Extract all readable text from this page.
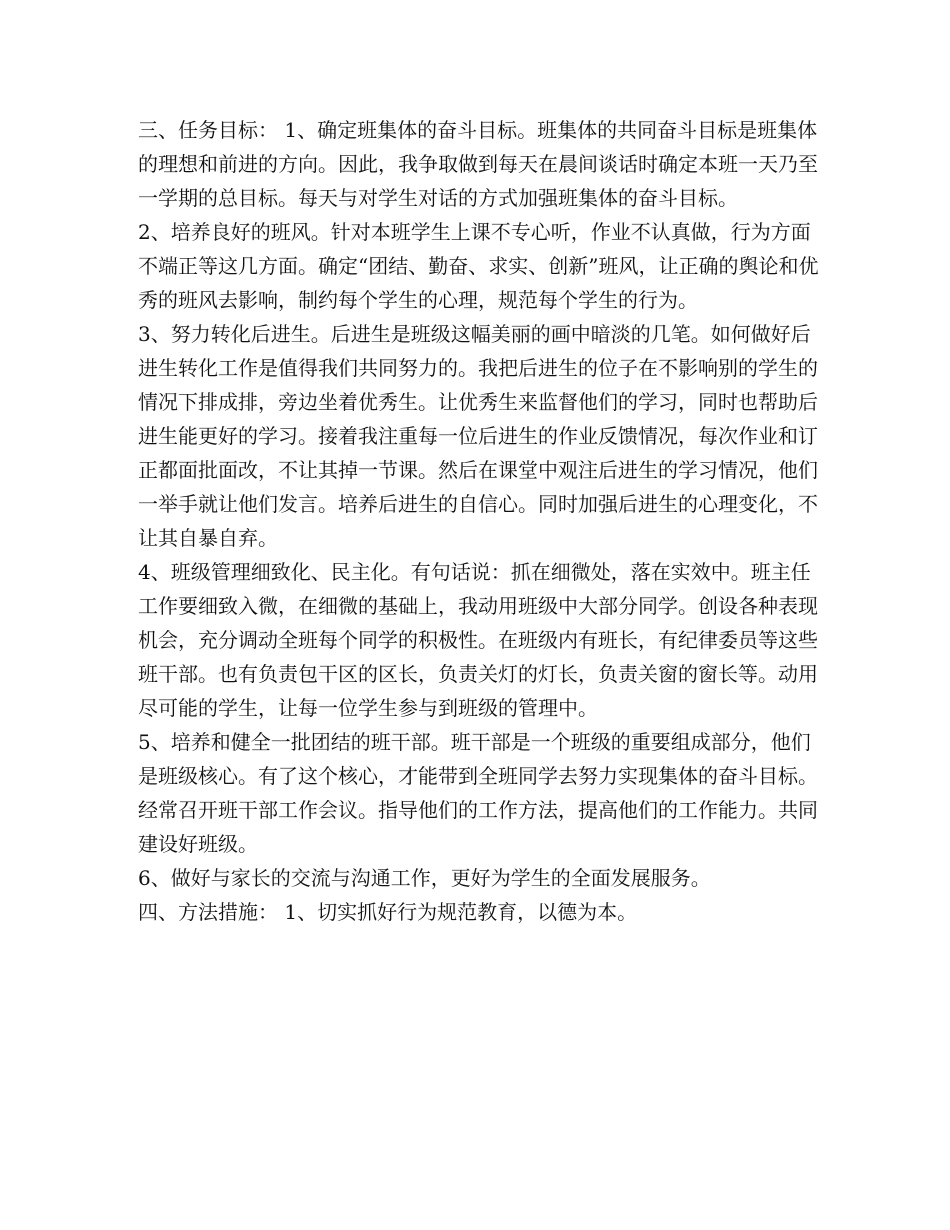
三、任务目标： 1、确定班集体的奋斗目标。班集体的共同奋斗目标是班集体的理想和前进的方向。因此，我争取做到每天在晨间谈话时确定本班一天乃至一学期的总目标。每天与对学生对话的方式加强班集体的奋斗目标。

2、培养良好的班风。针对本班学生上课不专心听，作业不认真做，行为方面不端正等这几方面。确定“团结、勤奋、求实、创新”班风，让正确的舆论和优秀的班风去影响，制约每个学生的心理，规范每个学生的行为。

3、努力转化后进生。后进生是班级这幅美丽的画中暗淡的几笔。如何做好后进生转化工作是值得我们共同努力的。我把后进生的位子在不影响别的学生的情况下排成排，旁边坐着优秀生。让优秀生来监督他们的学习，同时也帮助后进生能更好的学习。接着我注重每一位后进生的作业反馈情况，每次作业和订正都面批面改，不让其掉一节课。然后在课堂中观注后进生的学习情况，他们一举手就让他们发言。培养后进生的自信心。同时加强后进生的心理变化，不让其自暴自弃。

4、班级管理细致化、民主化。有句话说：抓在细微处，落在实效中。班主任工作要细致入微，在细微的基础上，我动用班级中大部分同学。创设各种表现机会，充分调动全班每个同学的积极性。在班级内有班长，有纪律委员等这些班干部。也有负责包干区的区长，负责关灯的灯长，负责关窗的窗长等。动用尽可能的学生，让每一位学生参与到班级的管理中。

5、培养和健全一批团结的班干部。班干部是一个班级的重要组成部分，他们是班级核心。有了这个核心，才能带到全班同学去努力实现集体的奋斗目标。经常召开班干部工作会议。指导他们的工作方法，提高他们的工作能力。共同建设好班级。

6、做好与家长的交流与沟通工作，更好为学生的全面发展服务。

四、方法措施： 1、切实抓好行为规范教育，以德为本。
